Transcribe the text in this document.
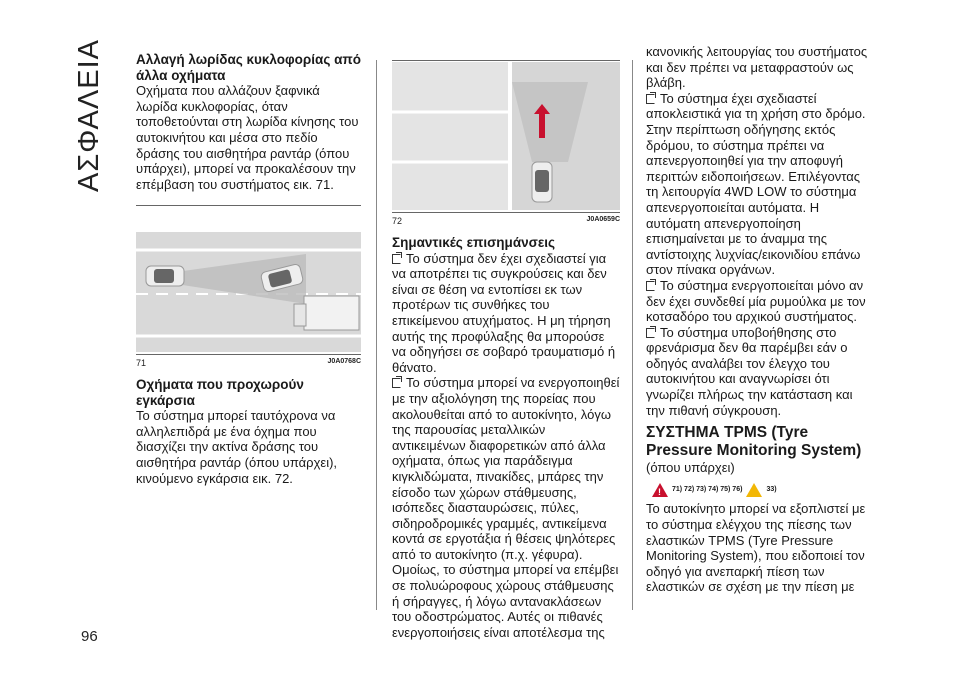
ΑΣΦΑΛΕΙΑ
96
Αλλαγή λωρίδας κυκλοφορίας από άλλα οχήματα

Οχήματα που αλλάζουν ξαφνικά λωρίδα κυκλοφορίας, όταν τοποθετούνται στη λωρίδα κίνησης του αυτοκινήτου και μέσα στο πεδίο δράσης του αισθητήρα ραντάρ (όπου υπάρχει), μπορεί να προκαλέσουν την επέμβαση του συστήματος εικ. 71.

71	J0A0768C
Οχήματα που προχωρούν εγκάρσια

Το σύστημα μπορεί ταυτόχρονα να αλληλεπιδρά με ένα όχημα που διασχίζει την ακτίνα δράσης του αισθητήρα ραντάρ (όπου υπάρχει), κινούμενο εγκάρσια εικ. 72.

72	J0A0659C
Σημαντικές επισημάνσεις

Το σύστημα δεν έχει σχεδιαστεί για να αποτρέπει τις συγκρούσεις και δεν είναι σε θέση να εντοπίσει εκ των προτέρων τις συνθήκες του επικείμενου ατυχήματος. Η μη τήρηση αυτής της προφύλαξης θα μπορούσε να οδηγήσει σε σοβαρό τραυματισμό ή θάνατο.

Το σύστημα μπορεί να ενεργοποιηθεί με την αξιολόγηση της πορείας που ακολουθείται από το αυτοκίνητο, λόγω της παρουσίας μεταλλικών αντικειμένων διαφορετικών από άλλα οχήματα, όπως για παράδειγμα κιγκλιδώματα, πινακίδες, μπάρες την είσοδο των χώρων στάθμευσης, ισόπεδες διασταυρώσεις, πύλες, σιδηροδρομικές γραμμές, αντικείμενα κοντά σε εργοτάξια ή θέσεις ψηλότερες από το αυτοκίνητο (π.χ. γέφυρα).

Ομοίως, το σύστημα μπορεί να επέμβει σε πολυώροφους χώρους στάθμευσης ή σήραγγες, ή λόγω αντανακλάσεων του οδοστρώματος. Αυτές οι πιθανές ενεργοποιήσεις είναι αποτέλεσμα της

κανονικής λειτουργίας του συστήματος και δεν πρέπει να μεταφραστούν ως βλάβη.

Το σύστημα έχει σχεδιαστεί αποκλειστικά για τη χρήση στο δρόμο. Στην περίπτωση οδήγησης εκτός δρόμου, το σύστημα πρέπει να απενεργοποιηθεί για την αποφυγή περιττών ειδοποιήσεων. Επιλέγοντας τη λειτουργία 4WD LOW το σύστημα απενεργοποιείται αυτόματα. Η αυτόματη απενεργοποίηση επισημαίνεται με το άναμμα της αντίστοιχης λυχνίας/εικονιδίου επάνω στον πίνακα οργάνων.

Το σύστημα ενεργοποιείται μόνο αν δεν έχει συνδεθεί μία ρυμούλκα με τον κοτσαδόρο του αρχικού συστήματος.

Το σύστημα υποβοήθησης στο φρενάρισμα δεν θα παρέμβει εάν ο οδηγός αναλάβει τον έλεγχο του αυτοκινήτου και αναγνωρίσει ότι γνωρίζει πλήρως την κατάσταση και την πιθανή σύγκρουση.

ΣΥΣΤΗΜΑ TPMS (Tyre Pressure Monitoring System)

(όπου υπάρχει)

!
71) 72) 73) 74) 75) 76)	33)

Το αυτοκίνητο μπορεί να εξοπλιστεί με το σύστημα ελέγχου της πίεσης των ελαστικών TPMS (Tyre Pressure Monitoring System), που ειδοποιεί τον οδηγό για ανεπαρκή πίεση των ελαστικών σε σχέση με την πίεση με
